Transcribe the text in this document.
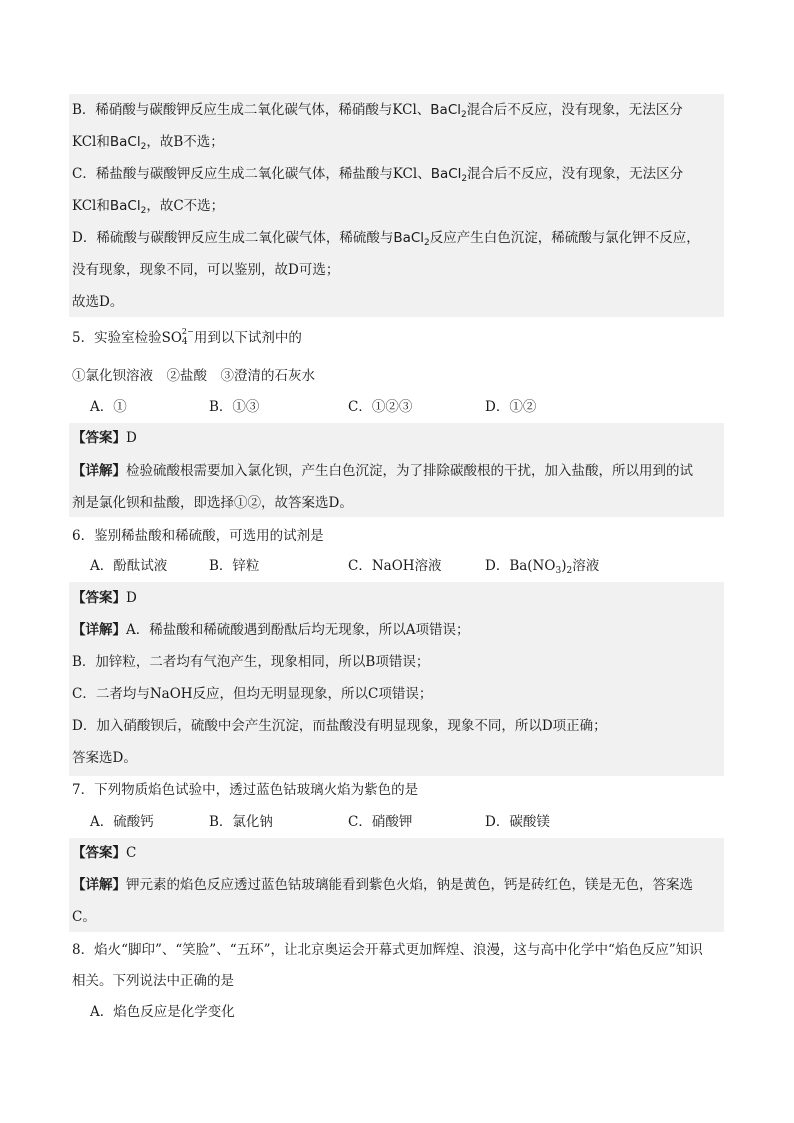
B．稀硝酸与碳酸钾反应生成二氧化碳气体，稀硝酸与KCl、BaCl$_2$混合后不反应，没有现象，无法区分
KCl和BaCl$_2$，故B不选；
C．稀盐酸与碳酸钾反应生成二氧化碳气体，稀盐酸与KCl、BaCl$_2$混合后不反应，没有现象，无法区分
KCl和BaCl$_2$，故C不选；
D．稀硫酸与碳酸钾反应生成二氧化碳气体，稀硫酸与BaCl$_2$反应产生白色沉淀，稀硫酸与氯化钾不反应，
没有现象，现象不同，可以鉴别，故D可选；
故选D。
5．实验室检验SO 2−
4 用到以下试剂中的
①氯化钡溶液　②盐酸　③澄清的石灰水
A．①	B．①③	C．①②③	D．①②
【答案】D
【详解】检验硫酸根需要加入氯化钡，产生白色沉淀，为了排除碳酸根的干扰，加入盐酸，所以用到的试
剂是氯化钡和盐酸，即选择①②，故答案选D。
6．鉴别稀盐酸和稀硫酸，可选用的试剂是
A．酚酞试液	B．锌粒	C．NaOH溶液	D．$Ba(NO_3)_2$溶液
【答案】D
【详解】A．稀盐酸和稀硫酸遇到酚酞后均无现象，所以A项错误；
B．加锌粒，二者均有气泡产生，现象相同，所以B项错误；
C．二者均与NaOH反应，但均无明显现象，所以C项错误；
D．加入硝酸钡后，硫酸中会产生沉淀，而盐酸没有明显现象，现象不同，所以D项正确；
答案选D。
7．下列物质焰色试验中，透过蓝色钴玻璃火焰为紫色的是
A．硫酸钙	B．氯化钠	C．硝酸钾	D．碳酸镁
【答案】C
【详解】钾元素的焰色反应透过蓝色钴玻璃能看到紫色火焰，钠是黄色，钙是砖红色，镁是无色，答案选
C。
8．焰火“脚印”、“笑脸”、“五环”，让北京奥运会开幕式更加辉煌、浪漫，这与高中化学中“焰色反应”知识
相关。下列说法中正确的是
A．焰色反应是化学变化
